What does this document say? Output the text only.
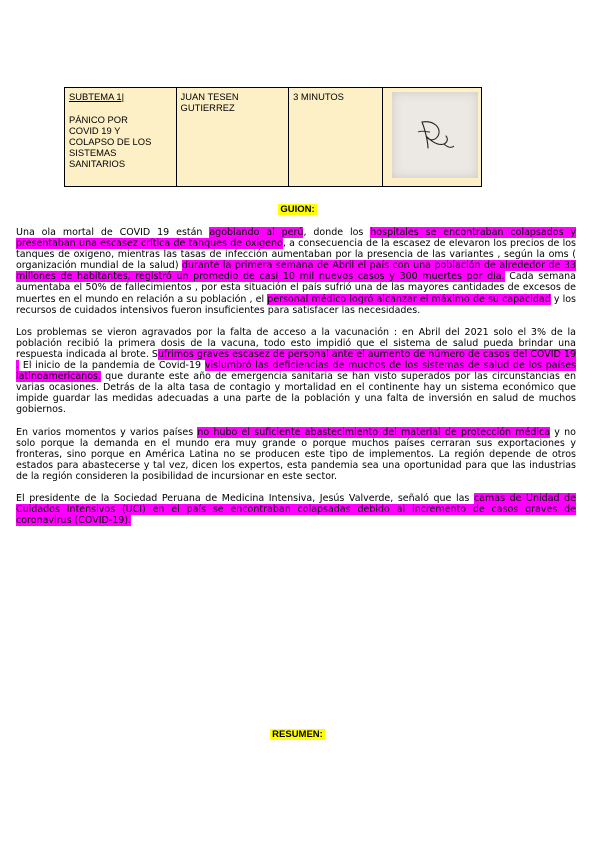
SUBTEMA 1|
PÁNICO POR
COVID 19 Y
COLAPSO DE LOS
SISTEMAS
SANITARIOS	JUAN TESEN GUTIERREZ	3 MINUTOS	
GUION:

Una ola mortal de COVID 19 están agobiando al perú, donde los hospitales se encontraban colapsados y presentaban una escasez crítica de tanques de oxigeno, a consecuencia de la escasez de elevaron los precios de los tanques de oxigeno, mientras las tasas de infección aumentaban por la presencia de las variantes , según la oms ( organización mundial de la salud) durante la primera semana de Abril el país con una población de alrededor de 33 millones de habitantes, registró un promedio de casi 10 mil nuevos casos y 300 muertes por dia. Cada semana aumentaba el 50% de fallecimientos , por esta situación el país sufrió una de las mayores cantidades de excesos de muertes en el mundo en relación a su población , el personal médico logró alcanzar el máximo de su capacidad y los recursos de cuidados intensivos fueron insuficientes para satisfacer las necesidades.

Los problemas se vieron agravados por la falta de acceso a la vacunación : en Abril del 2021 solo el 3% de la población recibió la primera dosis de la vacuna, todo esto impidió que el sistema de salud pueda brindar una respuesta indicada al brote. Sufrimos graves escasez de personal ante el aumento de número de casos del COVID 19 . El inicio de la pandemia de Covid-19 vislumbró las deficiencias de muchos de los sistemas de salud de los países latinoamericanos, que durante este año de emergencia sanitaria se han visto superados por las circunstancias en varias ocasiones. Detrás de la alta tasa de contagio y mortalidad en el continente hay un sistema económico que impide guardar las medidas adecuadas a una parte de la población y una falta de inversión en salud de muchos gobiernos.

En varios momentos y varios países no hubo el suficiente abastecimiento del material de protección médica y no solo porque la demanda en el mundo era muy grande o porque muchos países cerraran sus exportaciones y fronteras, sino porque en América Latina no se producen este tipo de implementos. La región depende de otros estados para abastecerse y tal vez, dicen los expertos, esta pandemia sea una oportunidad para que las industrias de la región consideren la posibilidad de incursionar en este sector.

El presidente de la Sociedad Peruana de Medicina Intensiva, Jesús Valverde, señaló que las camas de Unidad de Cuidados Intensivos (UCI) en el país se encontraban colapsadas debido al incremento de casos graves de coronavirus (COVID-19).

RESUMEN:
